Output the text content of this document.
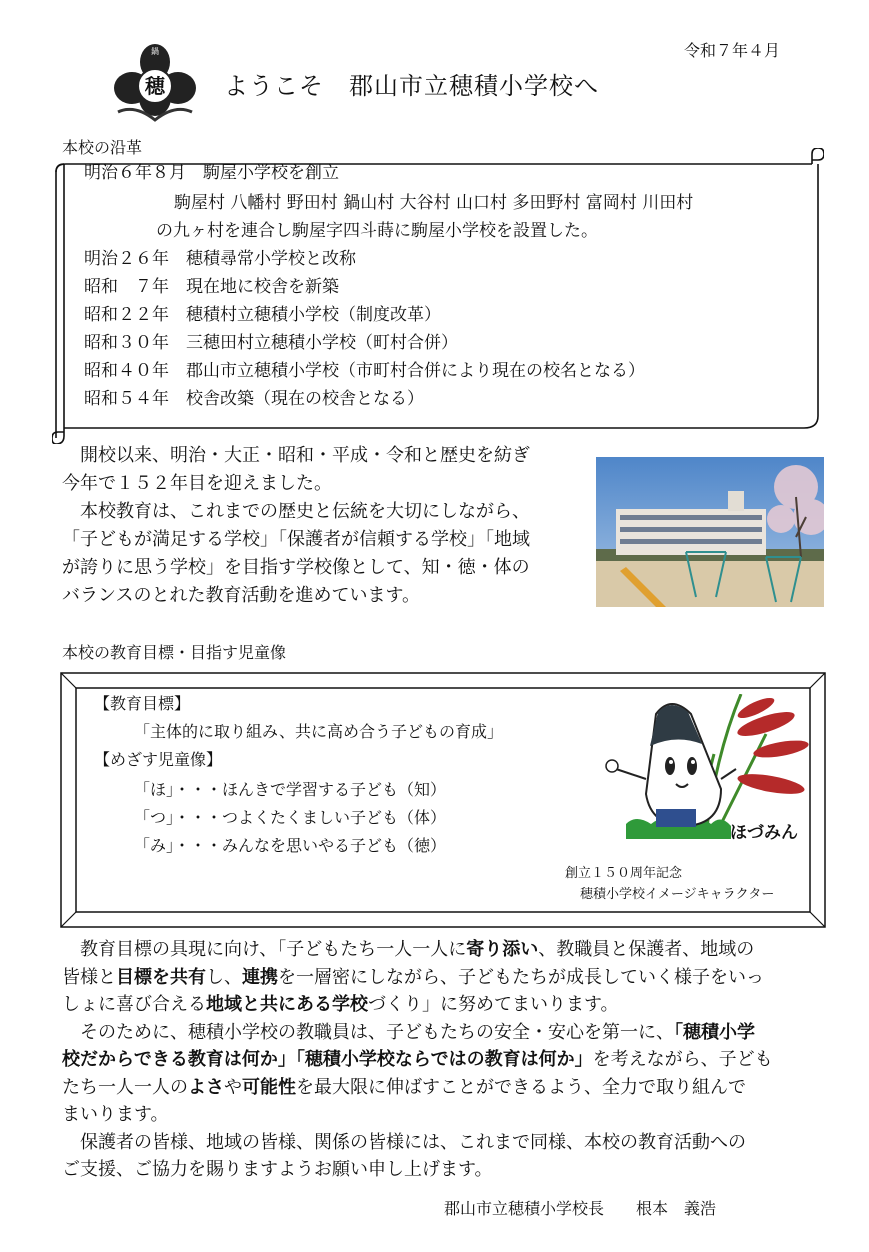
令和７年４月
穂
鍋
ようこそ　郡山市立穂積小学校へ
本校の沿革
明治６年８月　駒屋小学校を創立
駒屋村 八幡村 野田村 鍋山村 大谷村 山口村 多田野村 富岡村 川田村
の九ヶ村を連合し駒屋字四斗蒔に駒屋小学校を設置した。
明治２６年　穂積尋常小学校と改称
昭和　７年　現在地に校舎を新築
昭和２２年　穂積村立穂積小学校（制度改革）
昭和３０年　三穂田村立穂積小学校（町村合併）
昭和４０年　郡山市立穂積小学校（市町村合併により現在の校名となる）
昭和５４年　校舎改築（現在の校舎となる）
　開校以来、明治・大正・昭和・平成・令和と歴史を紡ぎ
今年で１５２年目を迎えました。
　本校教育は、これまでの歴史と伝統を大切にしながら、
「子どもが満足する学校」「保護者が信頼する学校」「地域
が誇りに思う学校」を目指す学校像として、知・徳・体の
バランスのとれた教育活動を進めています。
本校の教育目標・目指す児童像
【教育目標】
「主体的に取り組み、共に高め合う子どもの育成」
【めざす児童像】
「ほ」・・・ほんきで学習する子ども（知）
「つ」・・・つよくたくましい子ども（体）
「み」・・・みんなを思いやる子ども（徳）
ほづみん
創立１５０周年記念
穂積小学校イメージキャラクター

　教育目標の具現に向け、「子どもたち一人一人に寄り添い、教職員と保護者、地域の

皆様と目標を共有し、連携を一層密にしながら、子どもたちが成長していく様子をいっ

しょに喜び合える地域と共にある学校づくり」に努めてまいります。

　そのために、穂積小学校の教職員は、子どもたちの安全・安心を第一に、「穂積小学

校だからできる教育は何か」「穂積小学校ならではの教育は何か」を考えながら、子ども

たち一人一人のよさや可能性を最大限に伸ばすことができるよう、全力で取り組んで

まいります。

　保護者の皆様、地域の皆様、関係の皆様には、これまで同様、本校の教育活動への

ご支援、ご協力を賜りますようお願い申し上げます。

郡山市立穂積小学校長　　根本　義浩
